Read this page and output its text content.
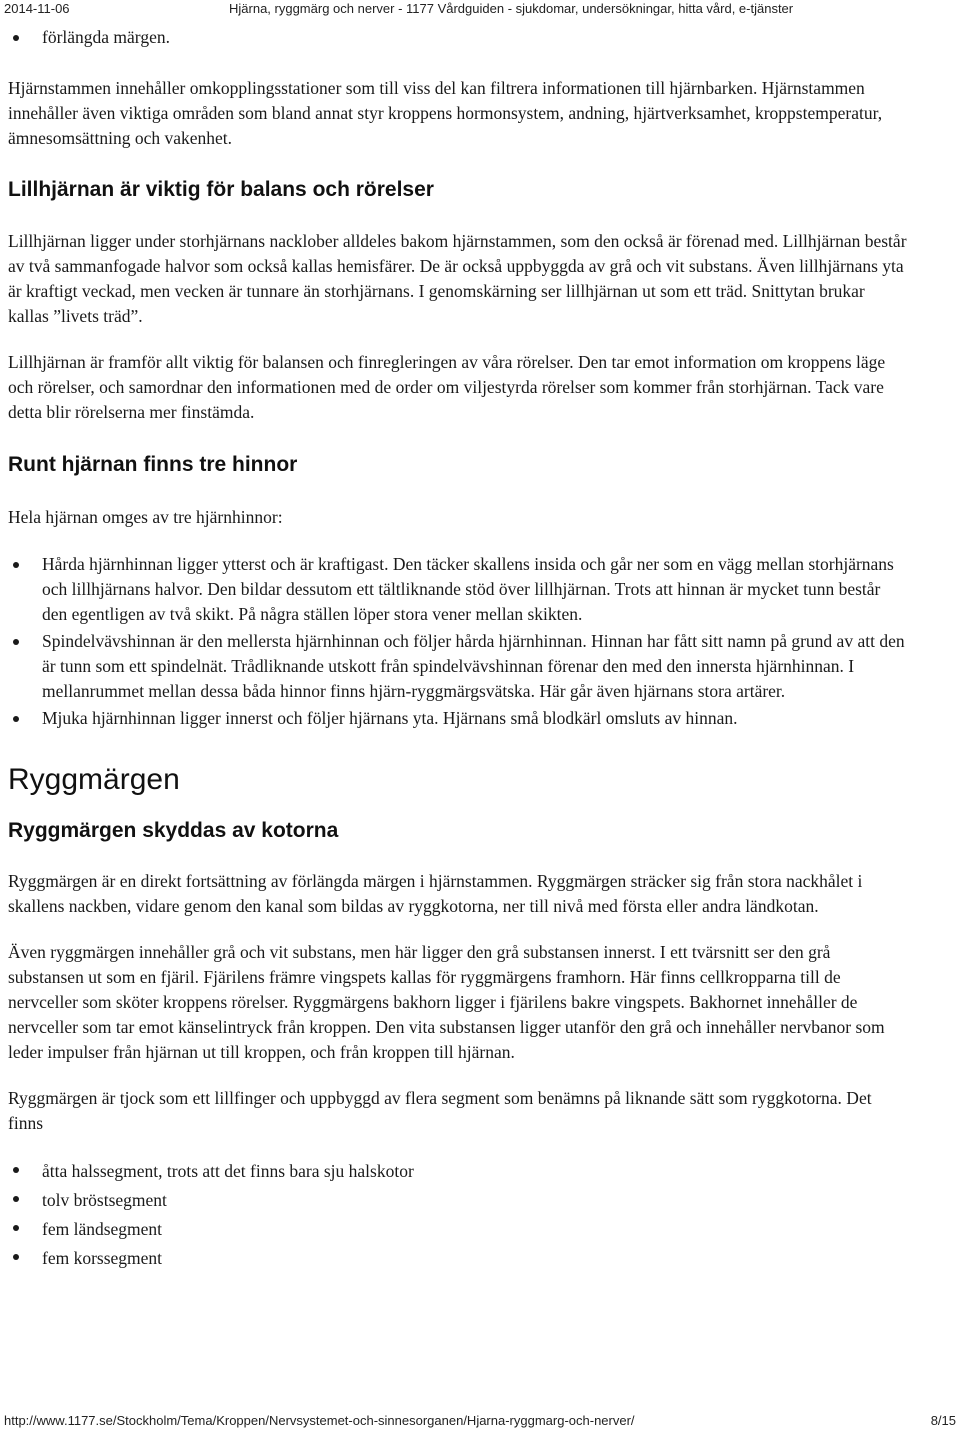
2014-11-06	Hjärna, ryggmärg och nerver - 1177 Vårdguiden - sjukdomar, undersökningar, hitta vård, e-tjänster
förlängda märgen.

Hjärnstammen innehåller omkopplingsstationer som till viss del kan filtrera informationen till hjärnbarken. Hjärnstammen innehåller även viktiga områden som bland annat styr kroppens hormonsystem, andning, hjärtverksamhet, kroppstemperatur, ämnesomsättning och vakenhet.

Lillhjärnan är viktig för balans och rörelser

Lillhjärnan ligger under storhjärnans nacklober alldeles bakom hjärnstammen, som den också är förenad med. Lillhjärnan består av två sammanfogade halvor som också kallas hemisfärer. De är också uppbyggda av grå och vit substans. Även lillhjärnans yta är kraftigt veckad, men vecken är tunnare än storhjärnans. I genomskärning ser lillhjärnan ut som ett träd. Snittytan brukar kallas ”livets träd”.

Lillhjärnan är framför allt viktig för balansen och finregleringen av våra rörelser. Den tar emot information om kroppens läge och rörelser, och samordnar den informationen med de order om viljestyrda rörelser som kommer från storhjärnan. Tack vare detta blir rörelserna mer finstämda.

Runt hjärnan finns tre hinnor

Hela hjärnan omges av tre hjärnhinnor:

Hårda hjärnhinnan ligger ytterst och är kraftigast. Den täcker skallens insida och går ner som en vägg mellan storhjärnans och lillhjärnans halvor. Den bildar dessutom ett tältliknande stöd över lillhjärnan. Trots att hinnan är mycket tunn består den egentligen av två skikt. På några ställen löper stora vener mellan skikten.
Spindelvävshinnan är den mellersta hjärnhinnan och följer hårda hjärnhinnan. Hinnan har fått sitt namn på grund av att den är tunn som ett spindelnät. Trådliknande utskott från spindelvävshinnan förenar den med den innersta hjärnhinnan. I mellanrummet mellan dessa båda hinnor finns hjärn-ryggmärgsvätska. Här går även hjärnans stora artärer.
Mjuka hjärnhinnan ligger innerst och följer hjärnans yta. Hjärnans små blodkärl omsluts av hinnan.
Ryggmärgen
Ryggmärgen skyddas av kotorna

Ryggmärgen är en direkt fortsättning av förlängda märgen i hjärnstammen. Ryggmärgen sträcker sig från stora nackhålet i skallens nackben, vidare genom den kanal som bildas av ryggkotorna, ner till nivå med första eller andra ländkotan.

Även ryggmärgen innehåller grå och vit substans, men här ligger den grå substansen innerst. I ett tvärsnitt ser den grå substansen ut som en fjäril. Fjärilens främre vingspets kallas för ryggmärgens framhorn. Här finns cellkropparna till de nervceller som sköter kroppens rörelser. Ryggmärgens bakhorn ligger i fjärilens bakre vingspets. Bakhornet innehåller de nervceller som tar emot känselintryck från kroppen. Den vita substansen ligger utanför den grå och innehåller nervbanor som leder impulser från hjärnan ut till kroppen, och från kroppen till hjärnan.

Ryggmärgen är tjock som ett lillfinger och uppbyggd av flera segment som benämns på liknande sätt som ryggkotorna. Det finns

åtta halssegment, trots att det finns bara sju halskotor
tolv bröstsegment
fem ländsegment
fem korssegment
http://www.1177.se/Stockholm/Tema/Kroppen/Nervsystemet-och-sinnesorganen/Hjarna-ryggmarg-och-nerver/	8/15
